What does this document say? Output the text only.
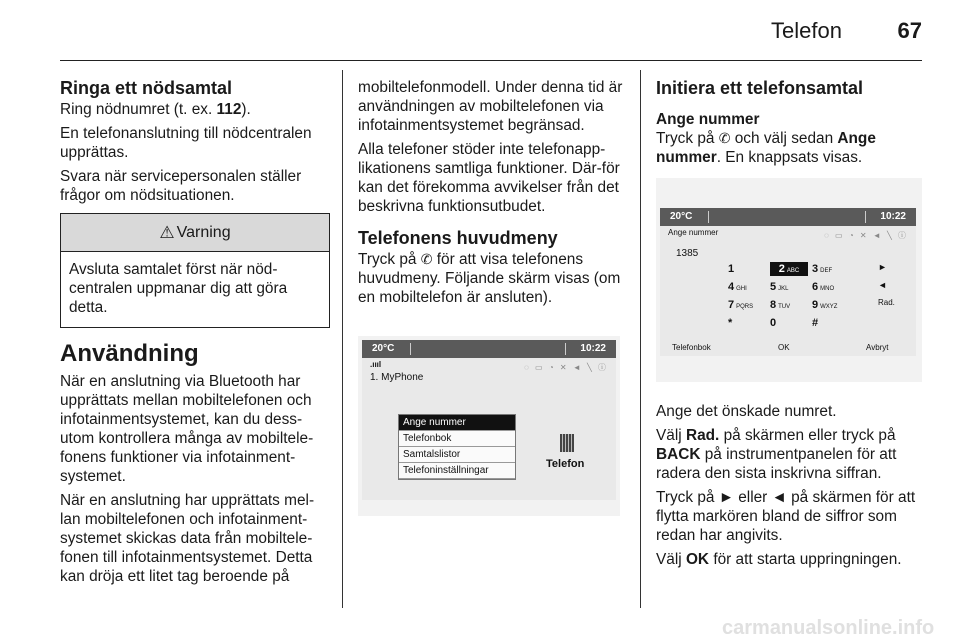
Telefon	67
Ringa ett nödsamtal

Ring nödnumret (t. ex. 112).

En telefonanslutning till nödcentralen upprättas.

Svara när servicepersonalen ställer frågor om nödsituationen.

⚠ Varning
Avsluta samtalet först när nöd-centralen uppmanar dig att göra detta.
Användning

När en anslutning via Bluetooth har upprättats mellan mobiltelefonen och infotainmentsystemet, kan du dess-utom kontrollera många av mobiltele-fonens funktioner via infotainment-systemet.

När en anslutning har upprättats mel-lan mobiltelefonen och infotainment-systemet skickas data från mobiltele-fonen till infotainmentsystemet. Detta kan dröja ett litet tag beroende på

mobiltelefonmodell. Under denna tid är användningen av mobiltelefonen via infotainmentsystemet begränsad.

Alla telefoner stöder inte telefonapp-likationens samtliga funktioner. Där-för kan det förekomma avvikelser från det beskrivna funktionsutbudet.

Telefonens huvudmeny

Tryck på ✆ för att visa telefonens huvudmeny. Följande skärm visas (om en mobiltelefon är ansluten).

20°C	10:22
.ıııl	◌ ▭ ◔ ✕ ◄ ╲ ⓘ
1. MyPhone
Ange nummer
Telefonbok
Samtalslistor
Telefoninställningar
Telefon
Initiera ett telefonsamtal
Ange nummer

Tryck på ✆ och välj sedan Ange nummer. En knappsats visas.

20°C	10:22
Ange nummer	◌ ▭ ◔ ✕ ◄ ╲ ⓘ
1385
1	2 ABC	3 DEF
4 GHI	5 JKL	6 MNO
7 PQRS	8 TUV	9 WXYZ
*	0	#
►
◄
Rad.
Telefonbok	OK	Avbryt

Ange det önskade numret.

Välj Rad. på skärmen eller tryck på BACK på instrumentpanelen för att radera den sista inskrivna siffran.

Tryck på ► eller ◄ på skärmen för att flytta markören bland de siffror som redan har angivits.

Välj OK för att starta uppringningen.

carmanualsonline.info
